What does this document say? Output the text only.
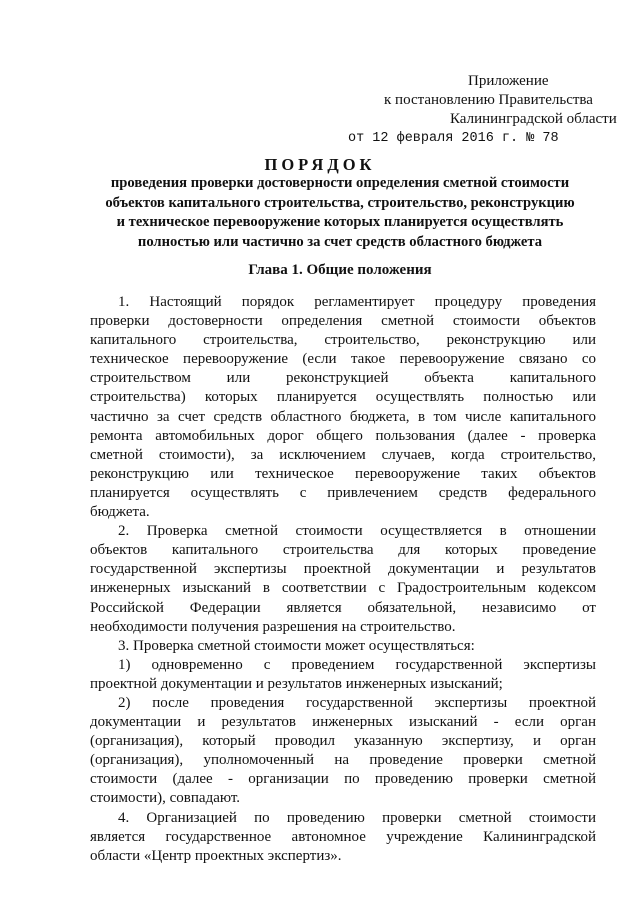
Приложение
к постановлению Правительства
Калининградской области
от 12 февраля 2016 г. № 78
ПОРЯДОК
проведения проверки достоверности определения сметной стоимости
объектов капитального строительства, строительство, реконструкцию
и техническое перевооружение которых планируется осуществлять
полностью или частично за счет средств областного бюджета
Глава 1. Общие положения
1. Настоящий порядок регламентирует процедуру проведения
проверки достоверности определения сметной стоимости объектов
капитального строительства, строительство, реконструкцию или
техническое перевооружение (если такое перевооружение связано со
строительством или реконструкцией объекта капитального
строительства) которых планируется осуществлять полностью или
частично за счет средств областного бюджета, в том числе капитального
ремонта автомобильных дорог общего пользования (далее - проверка
сметной стоимости), за исключением случаев, когда строительство,
реконструкцию или техническое перевооружение таких объектов
планируется осуществлять с привлечением средств федерального
бюджета.
2. Проверка сметной стоимости осуществляется в отношении
объектов капитального строительства для которых проведение
государственной экспертизы проектной документации и результатов
инженерных изысканий в соответствии с Градостроительным кодексом
Российской Федерации является обязательной, независимо от
необходимости получения разрешения на строительство.
3. Проверка сметной стоимости может осуществляться:
1) одновременно с проведением государственной экспертизы
проектной документации и результатов инженерных изысканий;
2) после проведения государственной экспертизы проектной
документации и результатов инженерных изысканий - если орган
(организация), который проводил указанную экспертизу, и орган
(организация), уполномоченный на проведение проверки сметной
стоимости (далее - организации по проведению проверки сметной
стоимости), совпадают.
4. Организацией по проведению проверки сметной стоимости
является государственное автономное учреждение Калининградской
области «Центр проектных экспертиз».
